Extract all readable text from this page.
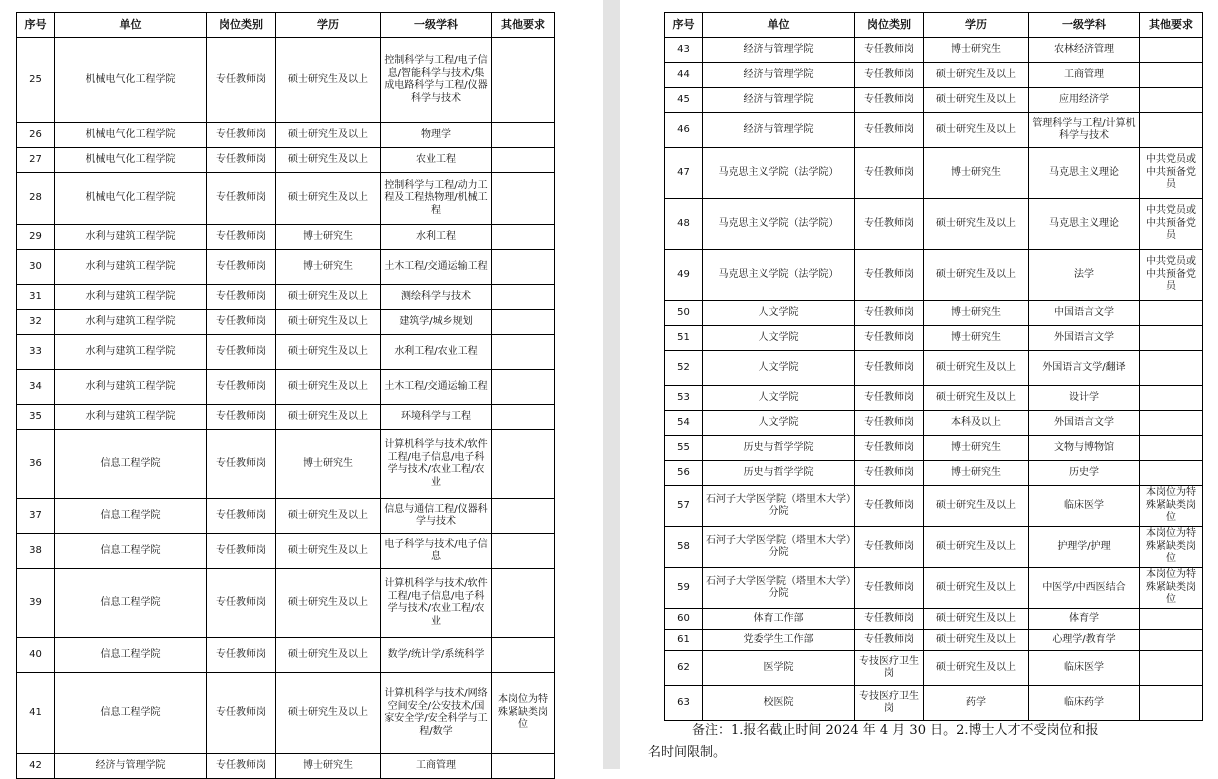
序号	单位	岗位类别	学历	一级学科	其他要求
25	机械电气化工程学院	专任教师岗	硕士研究生及以上	控制科学与工程/电子信息/智能科学与技术/集成电路科学与工程/仪器科学与技术	
26	机械电气化工程学院	专任教师岗	硕士研究生及以上	物理学	
27	机械电气化工程学院	专任教师岗	硕士研究生及以上	农业工程	
28	机械电气化工程学院	专任教师岗	硕士研究生及以上	控制科学与工程/动力工程及工程热物理/机械工程	
29	水利与建筑工程学院	专任教师岗	博士研究生	水利工程	
30	水利与建筑工程学院	专任教师岗	博士研究生	土木工程/交通运输工程	
31	水利与建筑工程学院	专任教师岗	硕士研究生及以上	测绘科学与技术	
32	水利与建筑工程学院	专任教师岗	硕士研究生及以上	建筑学/城乡规划	
33	水利与建筑工程学院	专任教师岗	硕士研究生及以上	水利工程/农业工程	
34	水利与建筑工程学院	专任教师岗	硕士研究生及以上	土木工程/交通运输工程	
35	水利与建筑工程学院	专任教师岗	硕士研究生及以上	环境科学与工程	
36	信息工程学院	专任教师岗	博士研究生	计算机科学与技术/软件工程/电子信息/电子科学与技术/农业工程/农业	
37	信息工程学院	专任教师岗	硕士研究生及以上	信息与通信工程/仪器科学与技术	
38	信息工程学院	专任教师岗	硕士研究生及以上	电子科学与技术/电子信息	
39	信息工程学院	专任教师岗	硕士研究生及以上	计算机科学与技术/软件工程/电子信息/电子科学与技术/农业工程/农业	
40	信息工程学院	专任教师岗	硕士研究生及以上	数学/统计学/系统科学	
41	信息工程学院	专任教师岗	硕士研究生及以上	计算机科学与技术/网络空间安全/公安技术/国家安全学/安全科学与工程/数学	本岗位为特殊紧缺类岗位
42	经济与管理学院	专任教师岗	博士研究生	工商管理	
序号	单位	岗位类别	学历	一级学科	其他要求
43	经济与管理学院	专任教师岗	博士研究生	农林经济管理	
44	经济与管理学院	专任教师岗	硕士研究生及以上	工商管理	
45	经济与管理学院	专任教师岗	硕士研究生及以上	应用经济学	
46	经济与管理学院	专任教师岗	硕士研究生及以上	管理科学与工程/计算机科学与技术	
47	马克思主义学院（法学院）	专任教师岗	博士研究生	马克思主义理论	中共党员或中共预备党员
48	马克思主义学院（法学院）	专任教师岗	硕士研究生及以上	马克思主义理论	中共党员或中共预备党员
49	马克思主义学院（法学院）	专任教师岗	硕士研究生及以上	法学	中共党员或中共预备党员
50	人文学院	专任教师岗	博士研究生	中国语言文学	
51	人文学院	专任教师岗	博士研究生	外国语言文学	
52	人文学院	专任教师岗	硕士研究生及以上	外国语言文学/翻译	
53	人文学院	专任教师岗	硕士研究生及以上	设计学	
54	人文学院	专任教师岗	本科及以上	外国语言文学	
55	历史与哲学学院	专任教师岗	博士研究生	文物与博物馆	
56	历史与哲学学院	专任教师岗	博士研究生	历史学	
57	石河子大学医学院（塔里木大学）分院	专任教师岗	硕士研究生及以上	临床医学	本岗位为特殊紧缺类岗位
58	石河子大学医学院（塔里木大学）分院	专任教师岗	硕士研究生及以上	护理学/护理	本岗位为特殊紧缺类岗位
59	石河子大学医学院（塔里木大学）分院	专任教师岗	硕士研究生及以上	中医学/中西医结合	本岗位为特殊紧缺类岗位
60	体育工作部	专任教师岗	硕士研究生及以上	体育学	
61	党委学生工作部	专任教师岗	硕士研究生及以上	心理学/教育学	
62	医学院	专技医疗卫生岗	硕士研究生及以上	临床医学	
63	校医院	专技医疗卫生岗	药学	临床药学	
备注：1.报名截止时间 2024 年 4 月 30 日。2.博士人才不受岗位和报
名时间限制。
